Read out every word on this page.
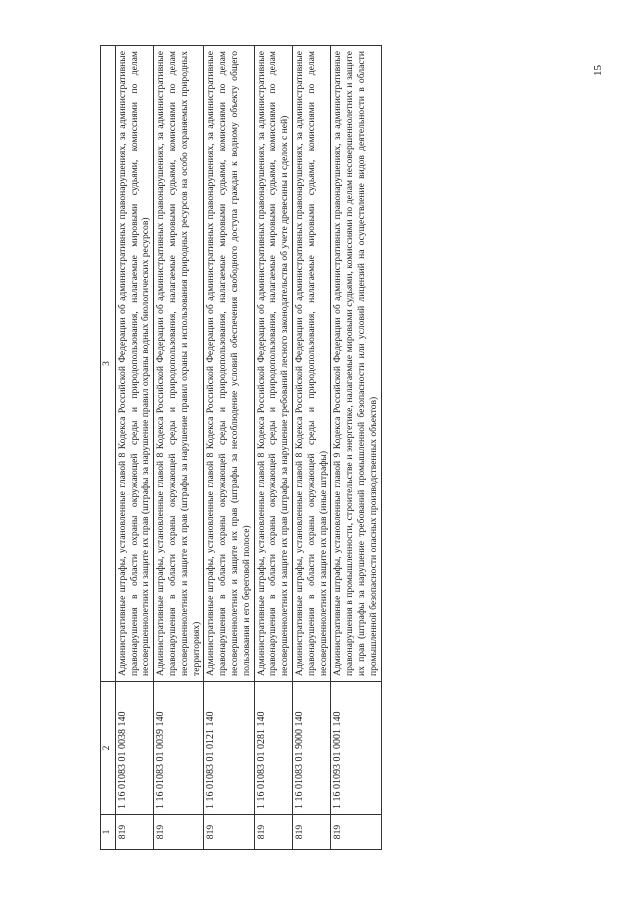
15
1	2	3
819	1 16 01083 01 0038 140	Административные штрафы, установленные главой 8 Кодекса Российской Федерации об административных правонарушениях, за административные правонарушения в области охраны окружающей среды и природопользования, налагаемые мировыми судьями, комиссиями по делам несовершеннолетних и защите их прав (штрафы за нарушение правил охраны водных биологических ресурсов)
819	1 16 01083 01 0039 140	Административные штрафы, установленные главой 8 Кодекса Российской Федерации об административных правонарушениях, за административные правонарушения в области охраны окружающей среды и природопользования, налагаемые мировыми судьями, комиссиями по делам несовершеннолетних и защите их прав (штрафы за нарушение правил охраны и использования природных ресурсов на особо охраняемых природных территориях)
819	1 16 01083 01 0121 140	Административные штрафы, установленные главой 8 Кодекса Российской Федерации об административных правонарушениях, за административные правонарушения в области охраны окружающей среды и природопользования, налагаемые мировыми судьями, комиссиями по делам несовершеннолетних и защите их прав (штрафы за несоблюдение условий обеспечения свободного доступа граждан к водному объекту общего пользования и его береговой полосе)
819	1 16 01083 01 0281 140	Административные штрафы, установленные главой 8 Кодекса Российской Федерации об административных правонарушениях, за административные правонарушения в области охраны окружающей среды и природопользования, налагаемые мировыми судьями, комиссиями по делам несовершеннолетних и защите их прав (штрафы за нарушение требований лесного законодательства об учете древесины и сделок с ней)
819	1 16 01083 01 9000 140	Административные штрафы, установленные главой 8 Кодекса Российской Федерации об административных правонарушениях, за административные правонарушения в области охраны окружающей среды и природопользования, налагаемые мировыми судьями, комиссиями по делам несовершеннолетних и защите их прав (иные штрафы)
819	1 16 01093 01 0001 140	Административные штрафы, установленные главой 9 Кодекса Российской Федерации об административных правонарушениях, за административные правонарушения в промышленности, строительстве и энергетике, налагаемые мировыми судьями, комиссиями по делам несовершеннолетних и защите их прав (штрафы за нарушение требований промышленной безопасности или условий лицензий на осуществление видов деятельности в области промышленной безопасности опасных производственных объектов)
